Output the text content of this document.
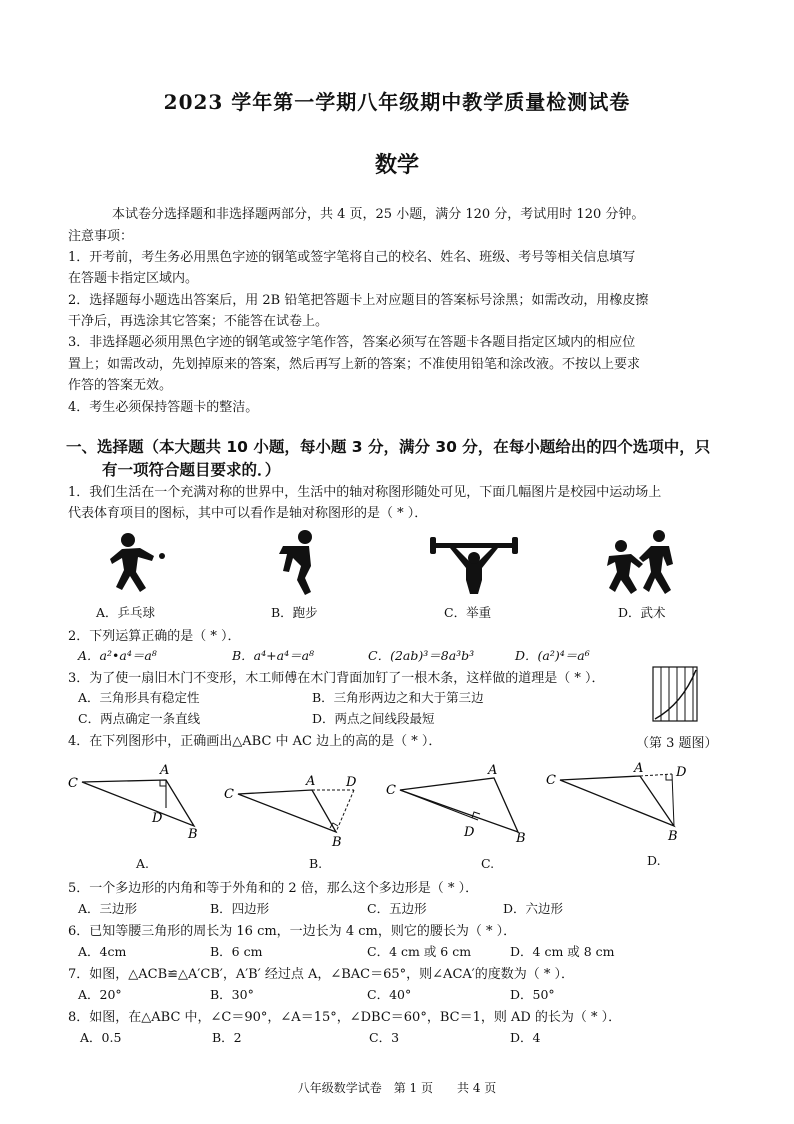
2023 学年第一学期八年级期中教学质量检测试卷
数学
本试卷分选择题和非选择题两部分，共 4 页，25 小题，满分 120 分，考试用时 120 分钟。
注意事项：
1．开考前，考生务必用黑色字迹的钢笔或签字笔将自己的校名、姓名、班级、考号等相关信息填写
在答题卡指定区域内。
2．选择题每小题选出答案后，用 2B 铅笔把答题卡上对应题目的答案标号涂黑；如需改动，用橡皮擦
干净后，再选涂其它答案；不能答在试卷上。
3．非选择题必须用黑色字迹的钢笔或签字笔作答，答案必须写在答题卡各题目指定区域内的相应位
置上；如需改动，先划掉原来的答案，然后再写上新的答案；不准使用铅笔和涂改液。不按以上要求
作答的答案无效。
4．考生必须保持答题卡的整洁。
一、选择题（本大题共 10 小题，每小题 3 分，满分 30 分，在每小题给出的四个选项中，只
有一项符合题目要求的．）
1．我们生活在一个充满对称的世界中，生活中的轴对称图形随处可见，下面几幅图片是校园中运动场上
代表体育项目的图标，其中可以看作是轴对称图形的是（ * ）．
A．乒乓球	B．跑步	C．举重	D．武术
2．下列运算正确的是（ * ）．
A．a²•a⁴＝a⁸	B．a⁴+a⁴＝a⁸	C．(2ab)³＝8a³b³	D．(a²)⁴＝a⁶
3．为了使一扇旧木门不变形，木工师傅在木门背面加钉了一根木条，这样做的道理是（ * ）．
A．三角形具有稳定性	B．三角形两边之和大于第三边
C．两点确定一条直线	D．两点之间线段最短
（第 3 题图）
4．在下列图形中，正确画出△ABC 中 AC 边上的高的是（ * ）．
C
A
D
B
C
A D
B
C
A
D	B
C
A	D
B
A.	B.	C.	D.
5．一个多边形的内角和等于外角和的 2 倍，那么这个多边形是（ * ）．
A．三边形	B．四边形	C．五边形	D．六边形
6．已知等腰三角形的周长为 16 cm，一边长为 4 cm，则它的腰长为（ * ）．
A．4cm	B．6 cm	C．4 cm 或 6 cm	D．4 cm 或 8 cm
7．如图，△ACB≌△A′CB′，A′B′ 经过点 A，∠BAC＝65°，则∠ACA′的度数为（ * ）．
A．20°	B．30°	C．40°	D．50°
8．如图，在△ABC 中，∠C＝90°，∠A＝15°，∠DBC＝60°，BC＝1，则 AD 的长为（ * ）．
A．0.5	B．2	C．3	D．4
八年级数学试卷　第 1 页　　共 4 页
